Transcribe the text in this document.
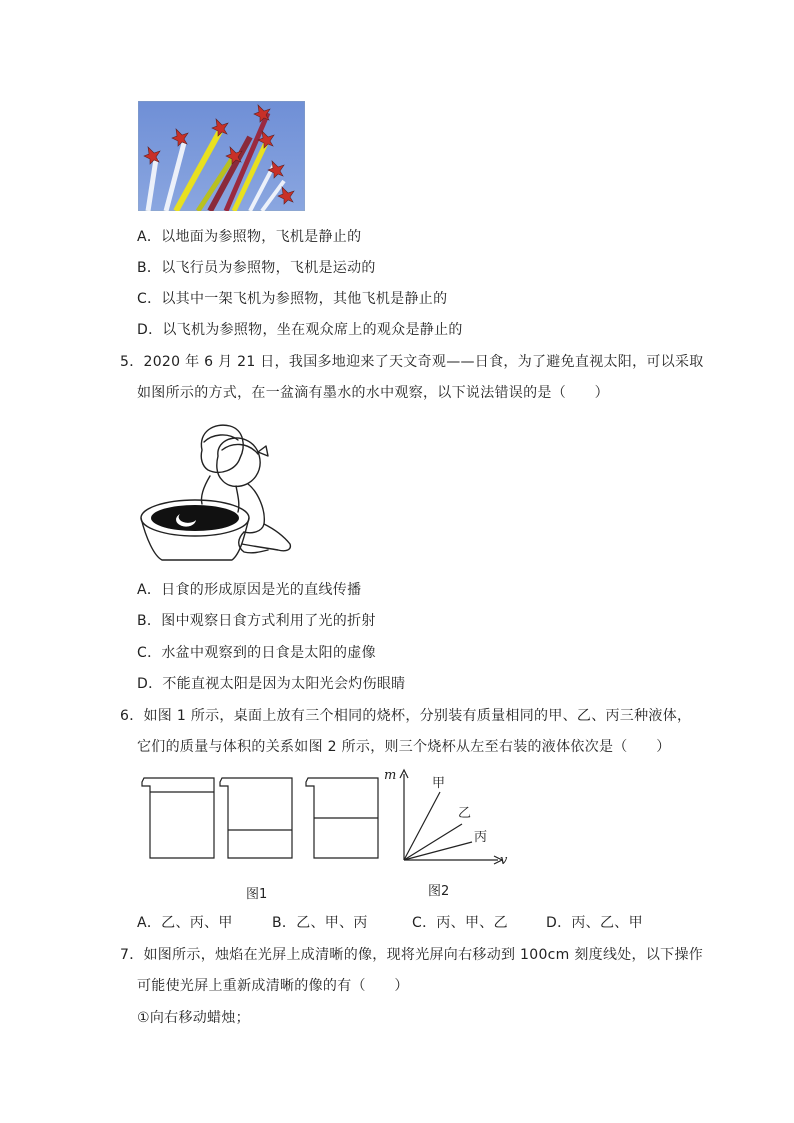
A．以地面为参照物，飞机是静止的
B．以飞行员为参照物，飞机是运动的
C．以其中一架飞机为参照物，其他飞机是静止的
D．以飞机为参照物，坐在观众席上的观众是静止的
5．2020 年 6 月 21 日，我国多地迎来了天文奇观——日食，为了避免直视太阳，可以采取
如图所示的方式，在一盆滴有墨水的水中观察，以下说法错误的是（　　）
A．日食的形成原因是光的直线传播
B．图中观察日食方式利用了光的折射
C．水盆中观察到的日食是太阳的虚像
D．不能直视太阳是因为太阳光会灼伤眼睛
6．如图 1 所示，桌面上放有三个相同的烧杯，分别装有质量相同的甲、乙、丙三种液体，
它们的质量与体积的关系如图 2 所示，则三个烧杯从左至右装的液体依次是（　　）
m
v
甲
乙
丙
图1	图2
A．乙、丙、甲	B．乙、甲、丙	C．丙、甲、乙	D．丙、乙、甲
7．如图所示，烛焰在光屏上成清晰的像，现将光屏向右移动到 100cm 刻度线处，以下操作
可能使光屏上重新成清晰的像的有（　　）
①向右移动蜡烛；
